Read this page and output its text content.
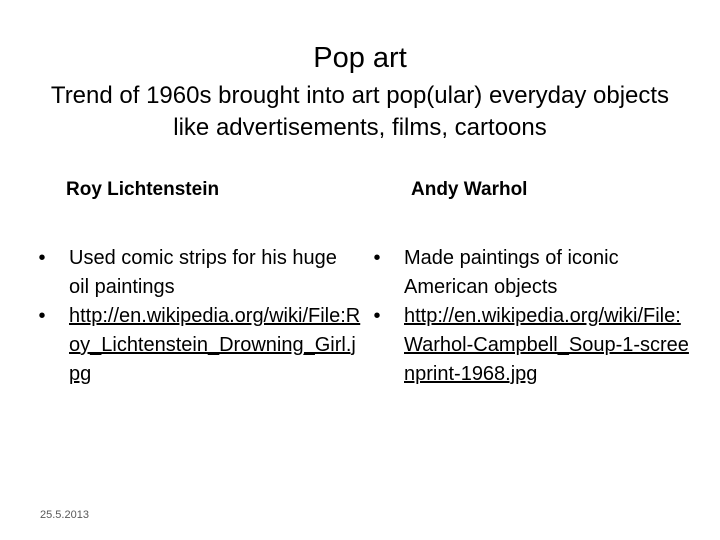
Pop art
Trend of 1960s brought into art pop(ular) everyday objects like advertisements, films, cartoons
Roy Lichtenstein	Andy Warhol
•	Used comic strips for his huge oil paintings
•	http://en.wikipedia.org/wiki/File:Roy_Lichtenstein_Drowning_Girl.jpg
•	Made paintings of iconic American objects
•	http://en.wikipedia.org/wiki/File:Warhol-Campbell_Soup-1-screenprint-1968.jpg
25.5.2013
